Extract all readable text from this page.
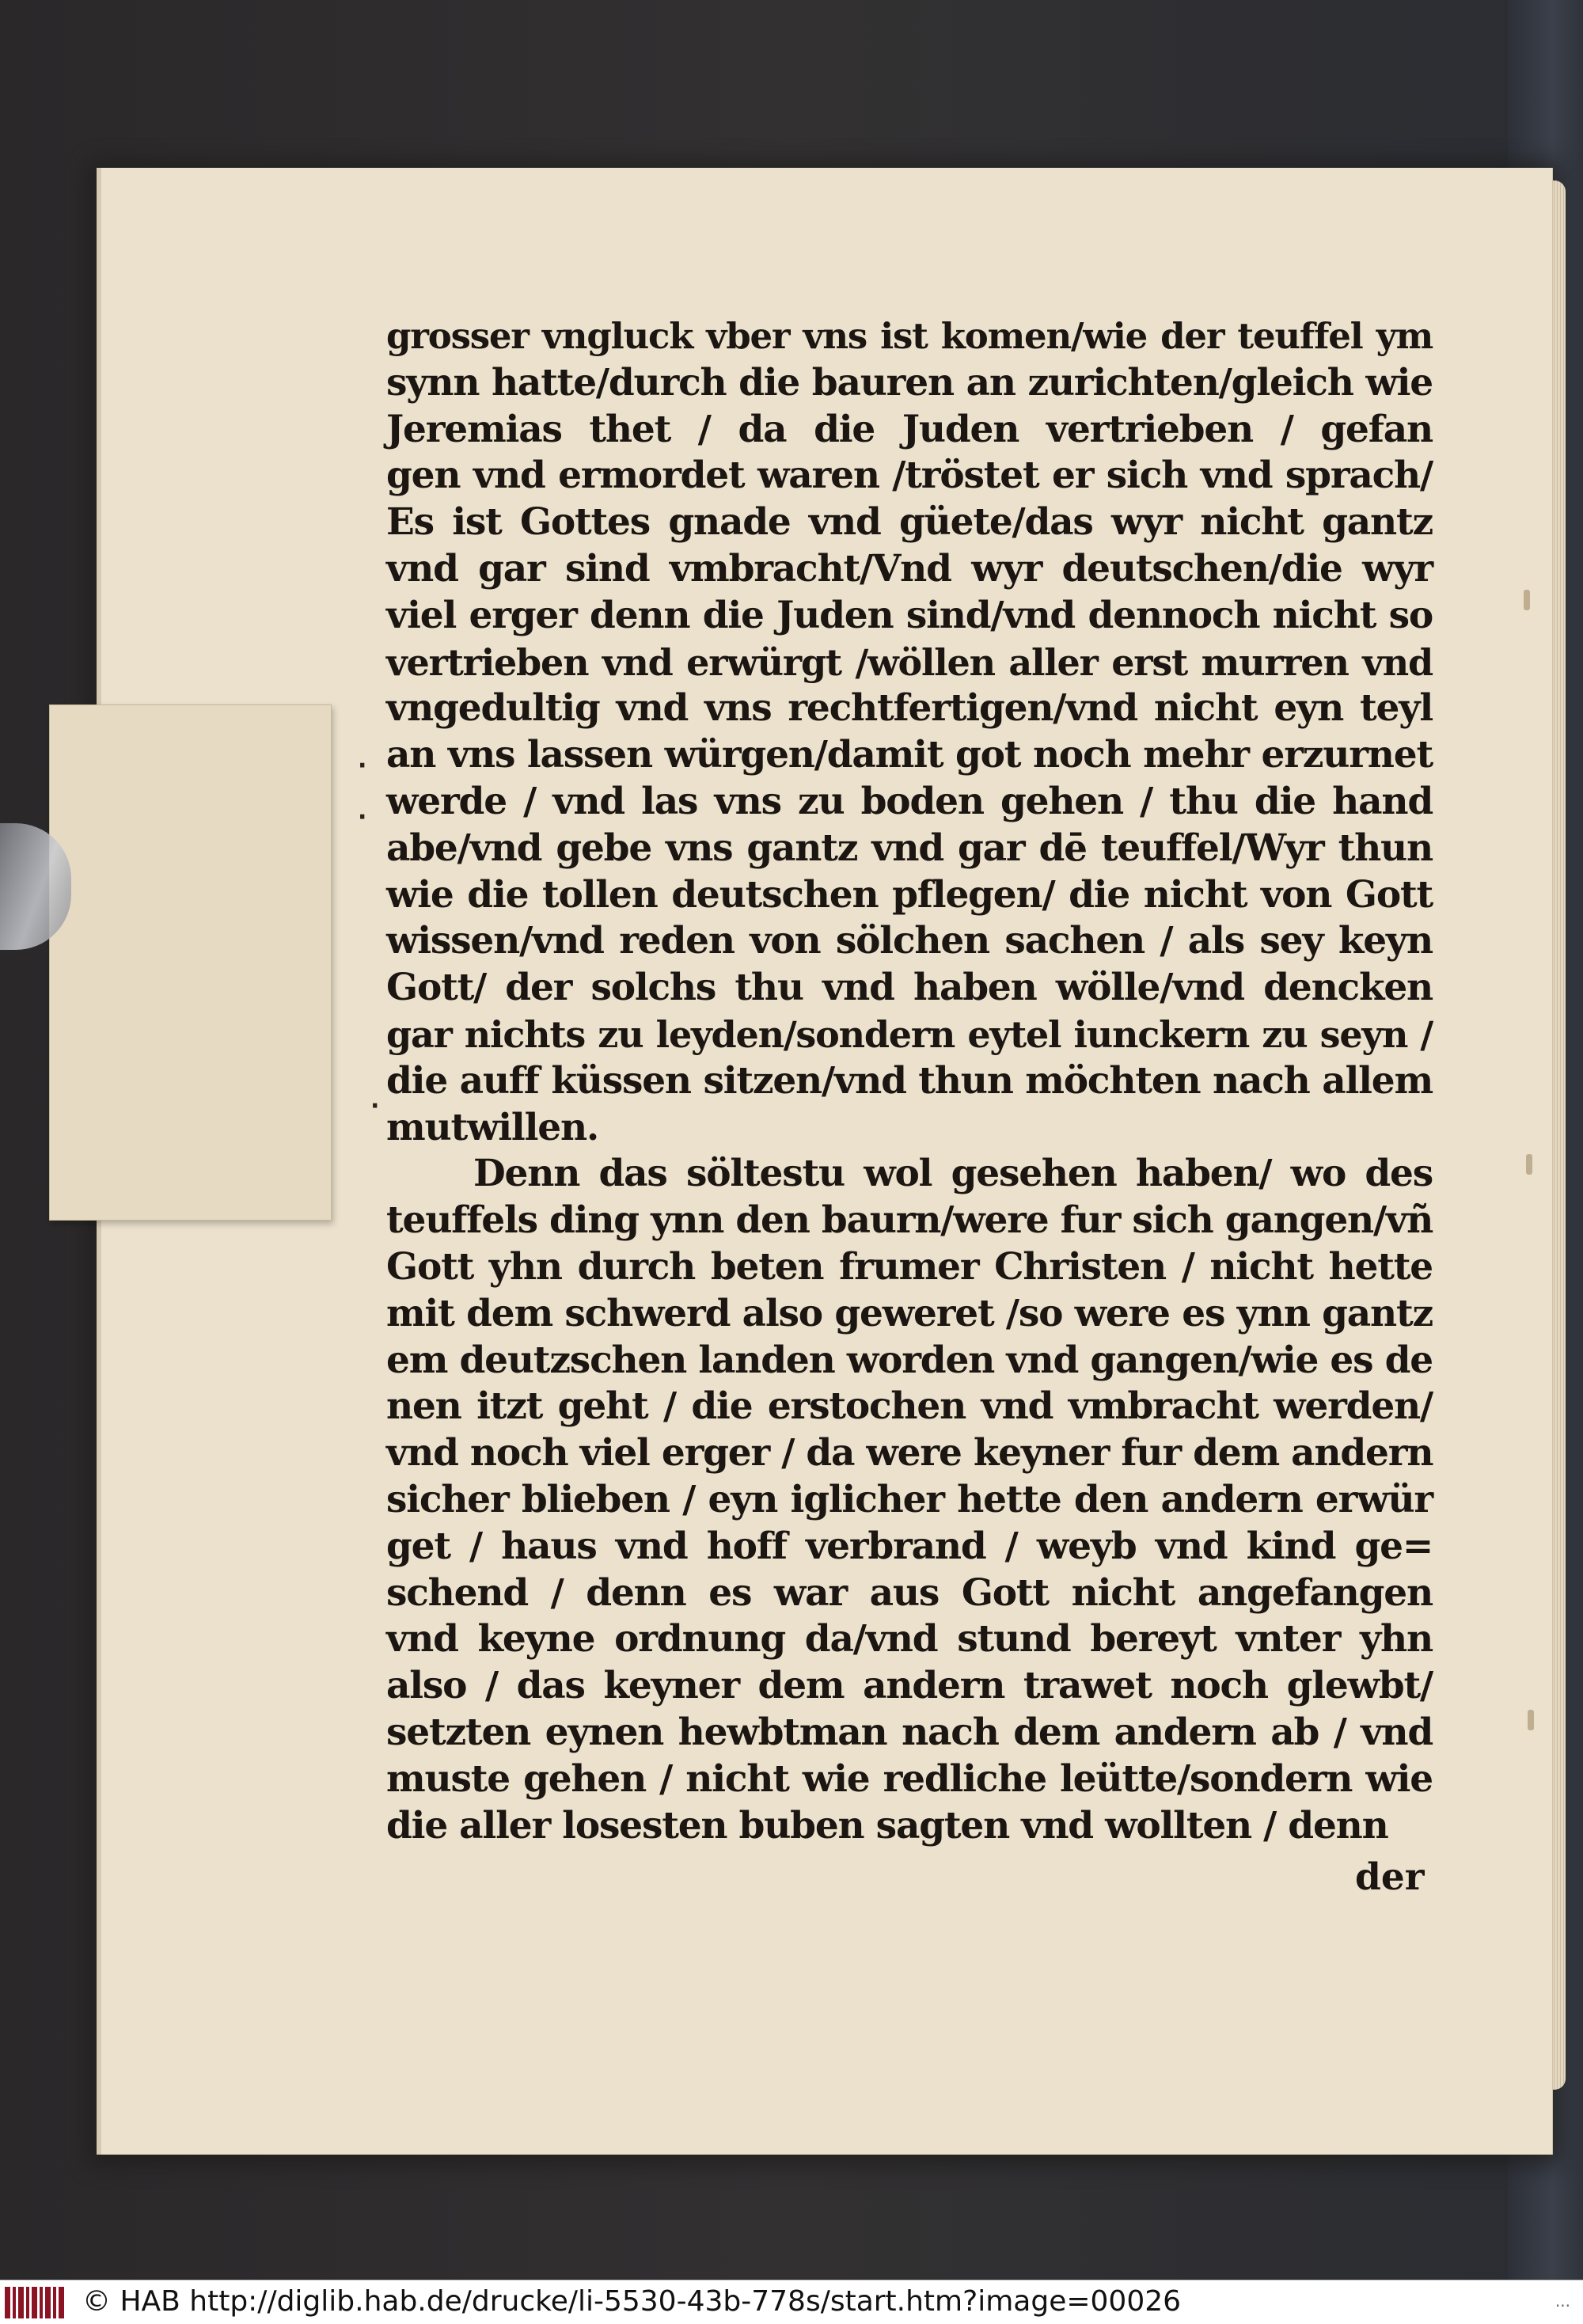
grosser vngluck vber vns ist komen/wie der teuffel ym
synn hatte/durch die bauren an zurichten/gleich wie
Jeremias thet / da die Juden vertrieben / gefan
gen vnd ermordet waren /tröstet er sich vnd sprach/
Es ist Gottes gnade vnd güete/das wyr nicht gantz
vnd gar sind vmbracht/Vnd wyr deutschen/die wyr
viel erger denn die Juden sind/vnd dennoch nicht so
vertrieben vnd erwürgt /wöllen aller erst murren vnd
vngedultig vnd vns rechtfertigen/vnd nicht eyn teyl
an vns lassen würgen/damit got noch mehr erzurnet
werde / vnd las vns zu boden gehen / thu die hand
abe/vnd gebe vns gantz vnd gar dē teuffel/Wyr thun
wie die tollen deutschen pflegen/ die nicht von Gott
wissen/vnd reden von sölchen sachen / als sey keyn
Gott/ der solchs thu vnd haben wölle/vnd dencken
gar nichts zu leyden/sondern eytel iunckern zu seyn /
die auff küssen sitzen/vnd thun möchten nach allem
mutwillen.
Denn das söltestu wol gesehen haben/ wo des
teuffels ding ynn den baurn/were fur sich gangen/vñ
Gott yhn durch beten frumer Christen / nicht hette
mit dem schwerd also geweret /so were es ynn gantz
em deutzschen landen worden vnd gangen/wie es de
nen itzt geht / die erstochen vnd vmbracht werden/
vnd noch viel erger / da were keyner fur dem andern
sicher blieben / eyn iglicher hette den andern erwür
get / haus vnd hoff verbrand / weyb vnd kind ge=
schend / denn es war aus Gott nicht angefangen
vnd keyne ordnung da/vnd stund bereyt vnter yhn
also / das keyner dem andern trawet noch glewbt/
setzten eynen hewbtman nach dem andern ab / vnd
muste gehen / nicht wie redliche leütte/sondern wie
die aller losesten buben sagten vnd wollten / denn
·
·
·
der
© HAB http://diglib.hab.de/drucke/li-5530-43b-778s/start.htm?image=00026	...
